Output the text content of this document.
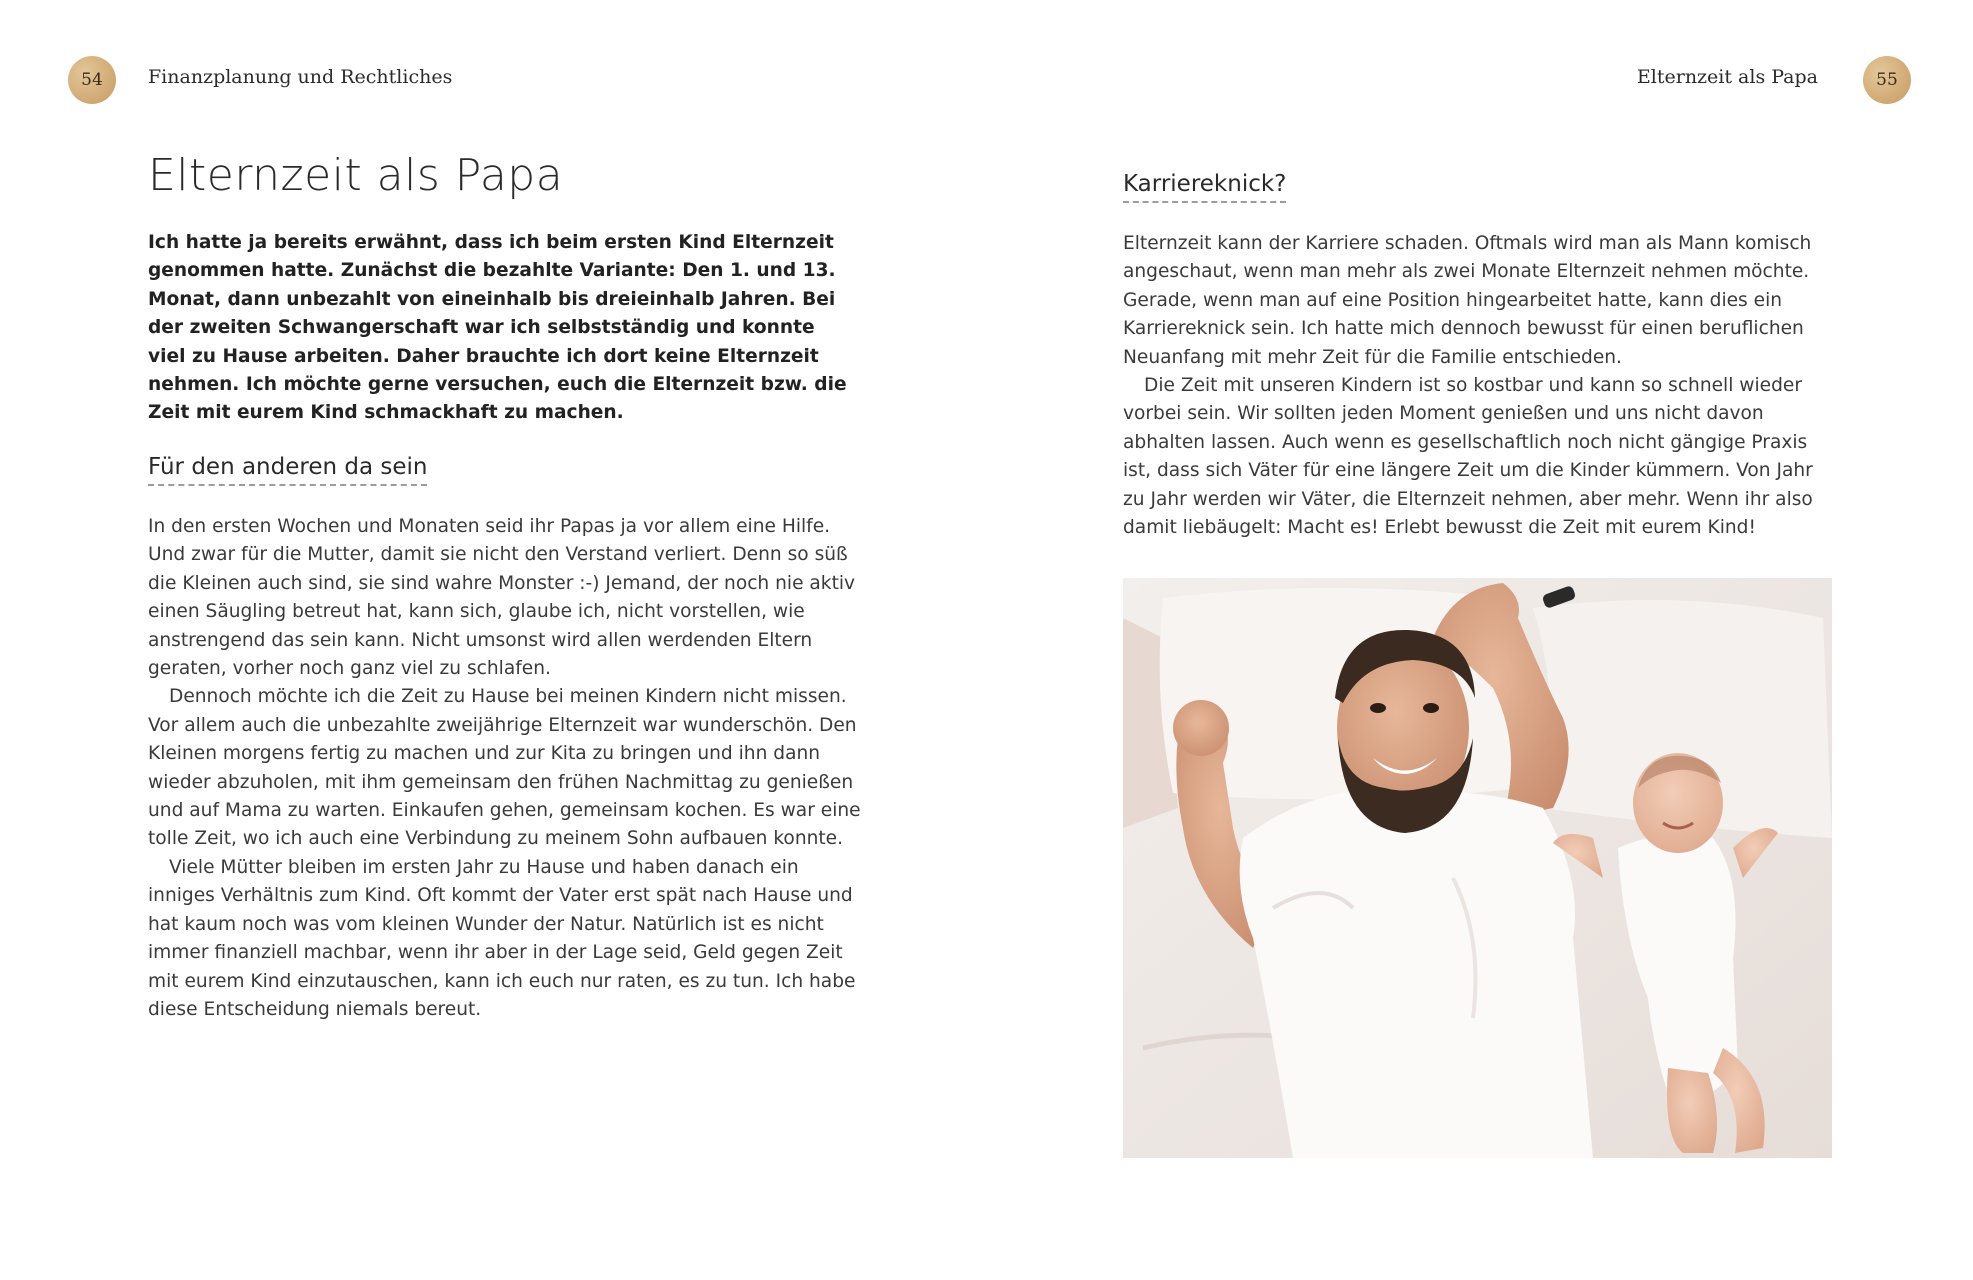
54	Finanzplanung und Rechtliches
Elternzeit als Papa

Ich hatte ja bereits erwähnt, dass ich beim ersten Kind Elternzeit genommen hatte. Zunächst die bezahlte Variante: Den 1. und 13. Monat, dann unbezahlt von eineinhalb bis dreieinhalb Jahren. Bei der zweiten Schwangerschaft war ich selbstständig und konnte viel zu Hause arbeiten. Daher brauchte ich dort keine Elternzeit nehmen. Ich möchte gerne versuchen, euch die Elternzeit bzw. die Zeit mit eurem Kind schmackhaft zu machen.

Für den anderen da sein

In den ersten Wochen und Monaten seid ihr Papas ja vor allem eine Hilfe. Und zwar für die Mutter, damit sie nicht den Verstand verliert. Denn so süß die Kleinen auch sind, sie sind wahre Monster :-) Jemand, der noch nie aktiv einen Säugling betreut hat, kann sich, glaube ich, nicht vorstellen, wie anstrengend das sein kann. Nicht umsonst wird allen werdenden Eltern geraten, vorher noch ganz viel zu schlafen.

Dennoch möchte ich die Zeit zu Hause bei meinen Kindern nicht missen. Vor allem auch die unbezahlte zweijährige Elternzeit war wunderschön. Den Kleinen morgens fertig zu machen und zur Kita zu bringen und ihn dann wieder abzuholen, mit ihm gemeinsam den frühen Nachmittag zu genießen und auf Mama zu warten. Einkaufen gehen, gemeinsam kochen. Es war eine tolle Zeit, wo ich auch eine Verbindung zu meinem Sohn aufbauen konnte.

Viele Mütter bleiben im ersten Jahr zu Hause und haben danach ein inniges Verhältnis zum Kind. Oft kommt der Vater erst spät nach Hause und hat kaum noch was vom kleinen Wunder der Natur. Natürlich ist es nicht immer finanziell machbar, wenn ihr aber in der Lage seid, Geld gegen Zeit mit eurem Kind einzutauschen, kann ich euch nur raten, es zu tun. Ich habe diese Entscheidung niemals bereut.

Elternzeit als Papa	55
Karriereknick?

Elternzeit kann der Karriere schaden. Oftmals wird man als Mann komisch angeschaut, wenn man mehr als zwei Monate Elternzeit nehmen möchte. Gerade, wenn man auf eine Position hingearbeitet hatte, kann dies ein Karriereknick sein. Ich hatte mich dennoch bewusst für einen beruflichen Neuanfang mit mehr Zeit für die Familie entschieden.

Die Zeit mit unseren Kindern ist so kostbar und kann so schnell wieder vorbei sein. Wir sollten jeden Moment genießen und uns nicht davon abhalten lassen. Auch wenn es gesellschaftlich noch nicht gängige Praxis ist, dass sich Väter für eine längere Zeit um die Kinder kümmern. Von Jahr zu Jahr werden wir Väter, die Elternzeit nehmen, aber mehr. Wenn ihr also damit liebäugelt: Macht es! Erlebt bewusst die Zeit mit eurem Kind!
